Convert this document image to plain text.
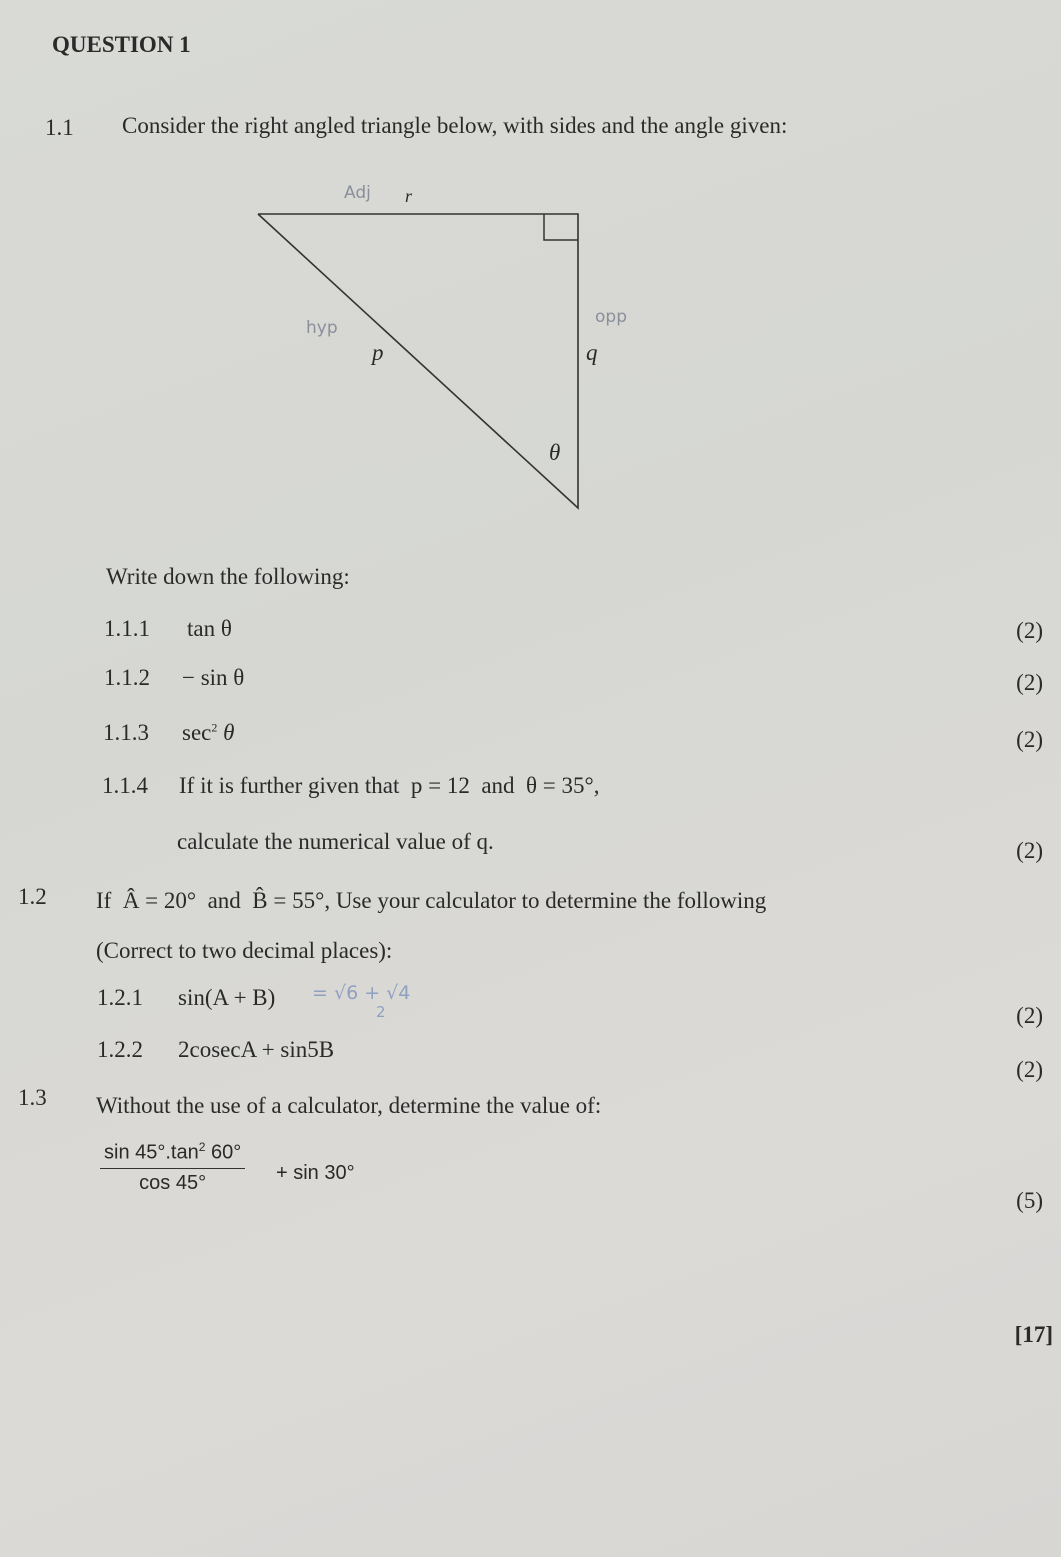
QUESTION 1
1.1 Consider the right angled triangle below, with sides and the angle given:
Adj r
hyp
p
opp
q
θ
Write down the following:
1.1.1 tan θ	(2)
1.1.2 − sin θ	(2)
1.1.3 $\sec^2 \theta$	(2)
1.1.4 If it is further given that  p = 12  and  θ = 35°,
calculate the numerical value of q.	(2)
1.2 If  Â = 20°  and  B̂ = 55°, Use your calculator to determine the following
(Correct to two decimal places):
1.2.1 sin(A + B) = √6 + √4
2	(2)
1.2.2 2cosecA + sin5B
(2)
1.3 Without the use of a calculator, determine the value of:
$\frac{\sin 45^\circ.\tan^2 60^\circ}{\cos 45^\circ} + \sin 30^\circ$
(5)
[17]
